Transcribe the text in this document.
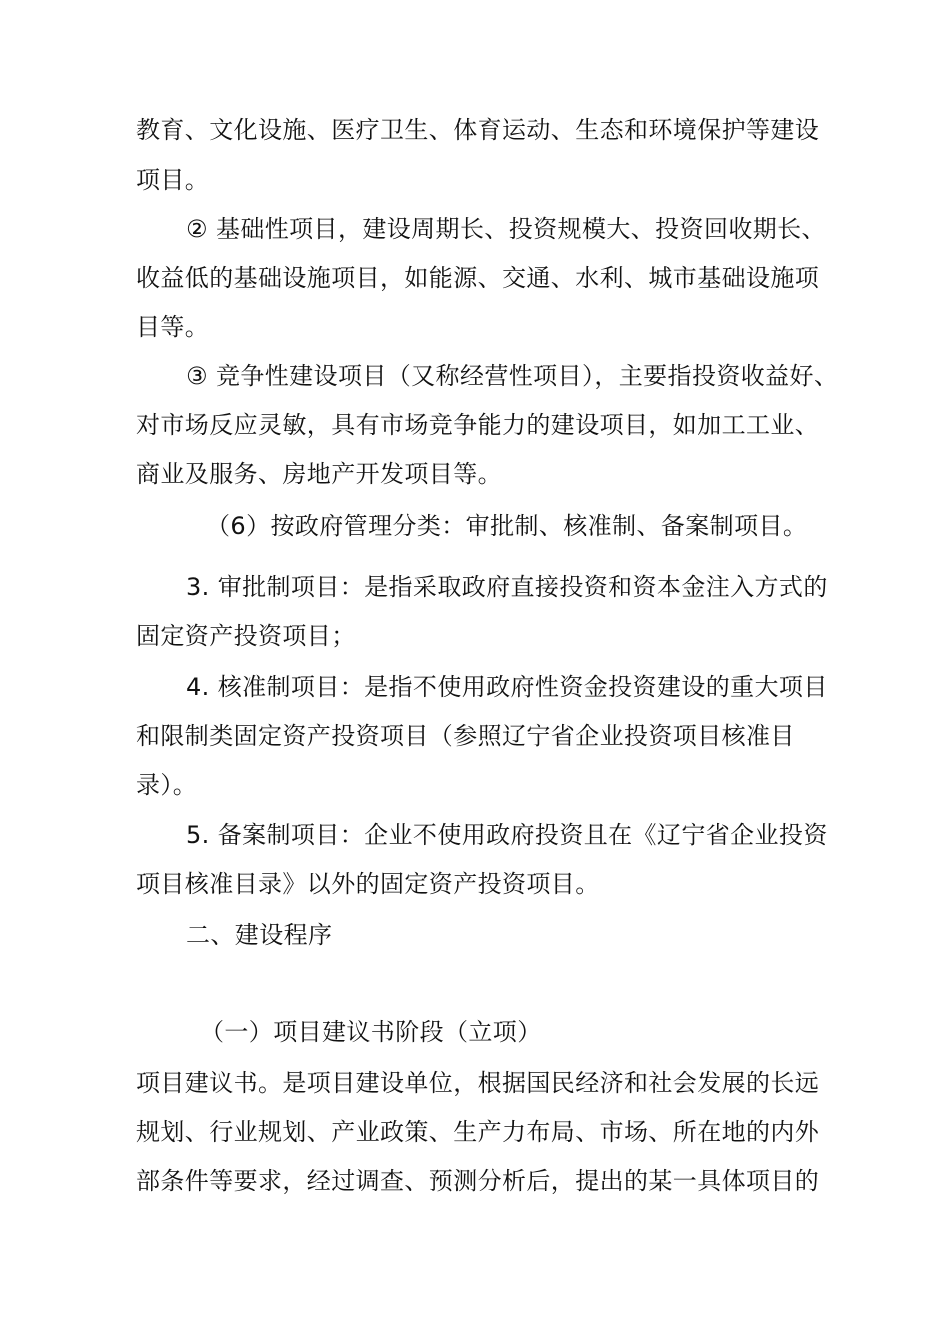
教育、文化设施、医疗卫生、体育运动、生态和环境保护等建设
项目。
② 基础性项目，建设周期长、投资规模大、投资回收期长、
收益低的基础设施项目，如能源、交通、水利、城市基础设施项
目等。
③ 竞争性建设项目（又称经营性项目），主要指投资收益好、
对市场反应灵敏，具有市场竞争能力的建设项目，如加工工业、
商业及服务、房地产开发项目等。
（6）按政府管理分类：审批制、核准制、备案制项目。
3. 审批制项目：是指采取政府直接投资和资本金注入方式的
固定资产投资项目；
4. 核准制项目：是指不使用政府性资金投资建设的重大项目
和限制类固定资产投资项目（参照辽宁省企业投资项目核准目
录）。
5. 备案制项目：企业不使用政府投资且在《辽宁省企业投资
项目核准目录》以外的固定资产投资项目。
二、建设程序
（一）项目建议书阶段（立项）
项目建议书。是项目建设单位，根据国民经济和社会发展的长远
规划、行业规划、产业政策、生产力布局、市场、所在地的内外
部条件等要求，经过调查、预测分析后，提出的某一具体项目的
